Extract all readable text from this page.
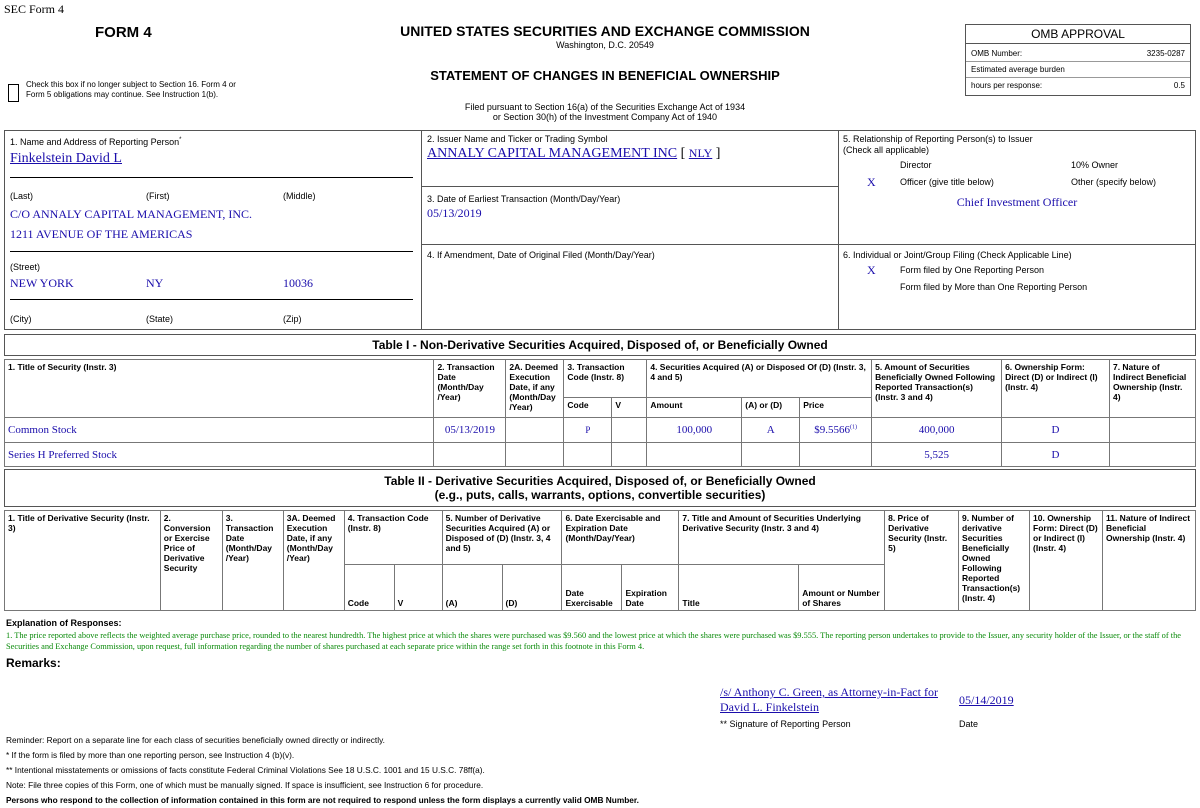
SEC Form 4
FORM 4	UNITED STATES SECURITIES AND EXCHANGE COMMISSION
Washington, D.C. 20549
STATEMENT OF CHANGES IN BENEFICIAL OWNERSHIP
Filed pursuant to Section 16(a) of the Securities Exchange Act of 1934
or Section 30(h) of the Investment Company Act of 1940
Check this box if no longer subject to Section 16. Form 4 or Form 5 obligations may continue. See Instruction 1(b).
OMB APPROVAL
OMB Number:	3235-0287
Estimated average burden
hours per response:	0.5
1. Name and Address of Reporting Person*
Finkelstein David L
(Last)	(First)	(Middle)
C/O ANNALY CAPITAL MANAGEMENT, INC.
1211 AVENUE OF THE AMERICAS
(Street)
NEW YORK	NY	10036
(City)	(State)	(Zip)
2. Issuer Name and Ticker or Trading Symbol
ANNALY CAPITAL MANAGEMENT INC [ NLY ]
3. Date of Earliest Transaction (Month/Day/Year)
05/13/2019
4. If Amendment, Date of Original Filed (Month/Day/Year)
5. Relationship of Reporting Person(s) to Issuer
(Check all applicable)
Director	10% Owner
X	Officer (give title below)	Other (specify below)
Chief Investment Officer
6. Individual or Joint/Group Filing (Check Applicable Line)
X	Form filed by One Reporting Person
Form filed by More than One Reporting Person
Table I - Non-Derivative Securities Acquired, Disposed of, or Beneficially Owned
1. Title of Security (Instr. 3)	2. Transaction Date (Month/Day /Year)	2A. Deemed Execution Date, if any (Month/Day /Year)	3. Transaction Code (Instr. 8)		4. Securities Acquired (A) or Disposed Of (D) (Instr. 3, 4 and 5)			5. Amount of Securities Beneficially Owned Following Reported Transaction(s) (Instr. 3 and 4)	6. Ownership Form: Direct (D) or Indirect (I) (Instr. 4)	7. Nature of Indirect Beneficial Ownership (Instr. 4)
			Code	V	Amount	(A) or (D)	Price			
Common Stock	05/13/2019		P		100,000	A	$9.5566$^{(1)}$	400,000	D	
Series H Preferred Stock								5,525	D	
Table II - Derivative Securities Acquired, Disposed of, or Beneficially Owned
(e.g., puts, calls, warrants, options, convertible securities)
1. Title of Derivative Security (Instr. 3)	2. Conversion or Exercise Price of Derivative Security	3. Transaction Date (Month/Day /Year)	3A. Deemed Execution Date, if any (Month/Day /Year)	4. Transaction Code (Instr. 8)		5. Number of Derivative Securities Acquired (A) or Disposed of (D) (Instr. 3, 4 and 5)		6. Date Exercisable and Expiration Date (Month/Day/Year)		7. Title and Amount of Securities Underlying Derivative Security (Instr. 3 and 4)		8. Price of Derivative Security (Instr. 5)	9. Number of derivative Securities Beneficially Owned Following Reported Transaction(s) (Instr. 4)	10. Ownership Form: Direct (D) or Indirect (I) (Instr. 4)	11. Nature of Indirect Beneficial Ownership (Instr. 4)
				Code	V	(A)	(D)	Date Exercisable	Expiration Date	Title	Amount or Number of Shares				
Explanation of Responses:
1. The price reported above reflects the weighted average purchase price, rounded to the nearest hundredth. The highest price at which the shares were purchased was $9.560 and the lowest price at which the shares were purchased was $9.555. The reporting person undertakes to provide to the Issuer, any security holder of the Issuer, or the staff of the Securities and Exchange Commission, upon request, full information regarding the number of shares purchased at each separate price within the range set forth in this footnote in this Form 4.
Remarks:
/s/ Anthony C. Green, as Attorney-in-Fact for
David L. Finkelstein	05/14/2019
** Signature of Reporting Person	Date
Reminder: Report on a separate line for each class of securities beneficially owned directly or indirectly.
* If the form is filed by more than one reporting person, see Instruction 4 (b)(v).
** Intentional misstatements or omissions of facts constitute Federal Criminal Violations See 18 U.S.C. 1001 and 15 U.S.C. 78ff(a).
Note: File three copies of this Form, one of which must be manually signed. If space is insufficient, see Instruction 6 for procedure.
Persons who respond to the collection of information contained in this form are not required to respond unless the form displays a currently valid OMB Number.
